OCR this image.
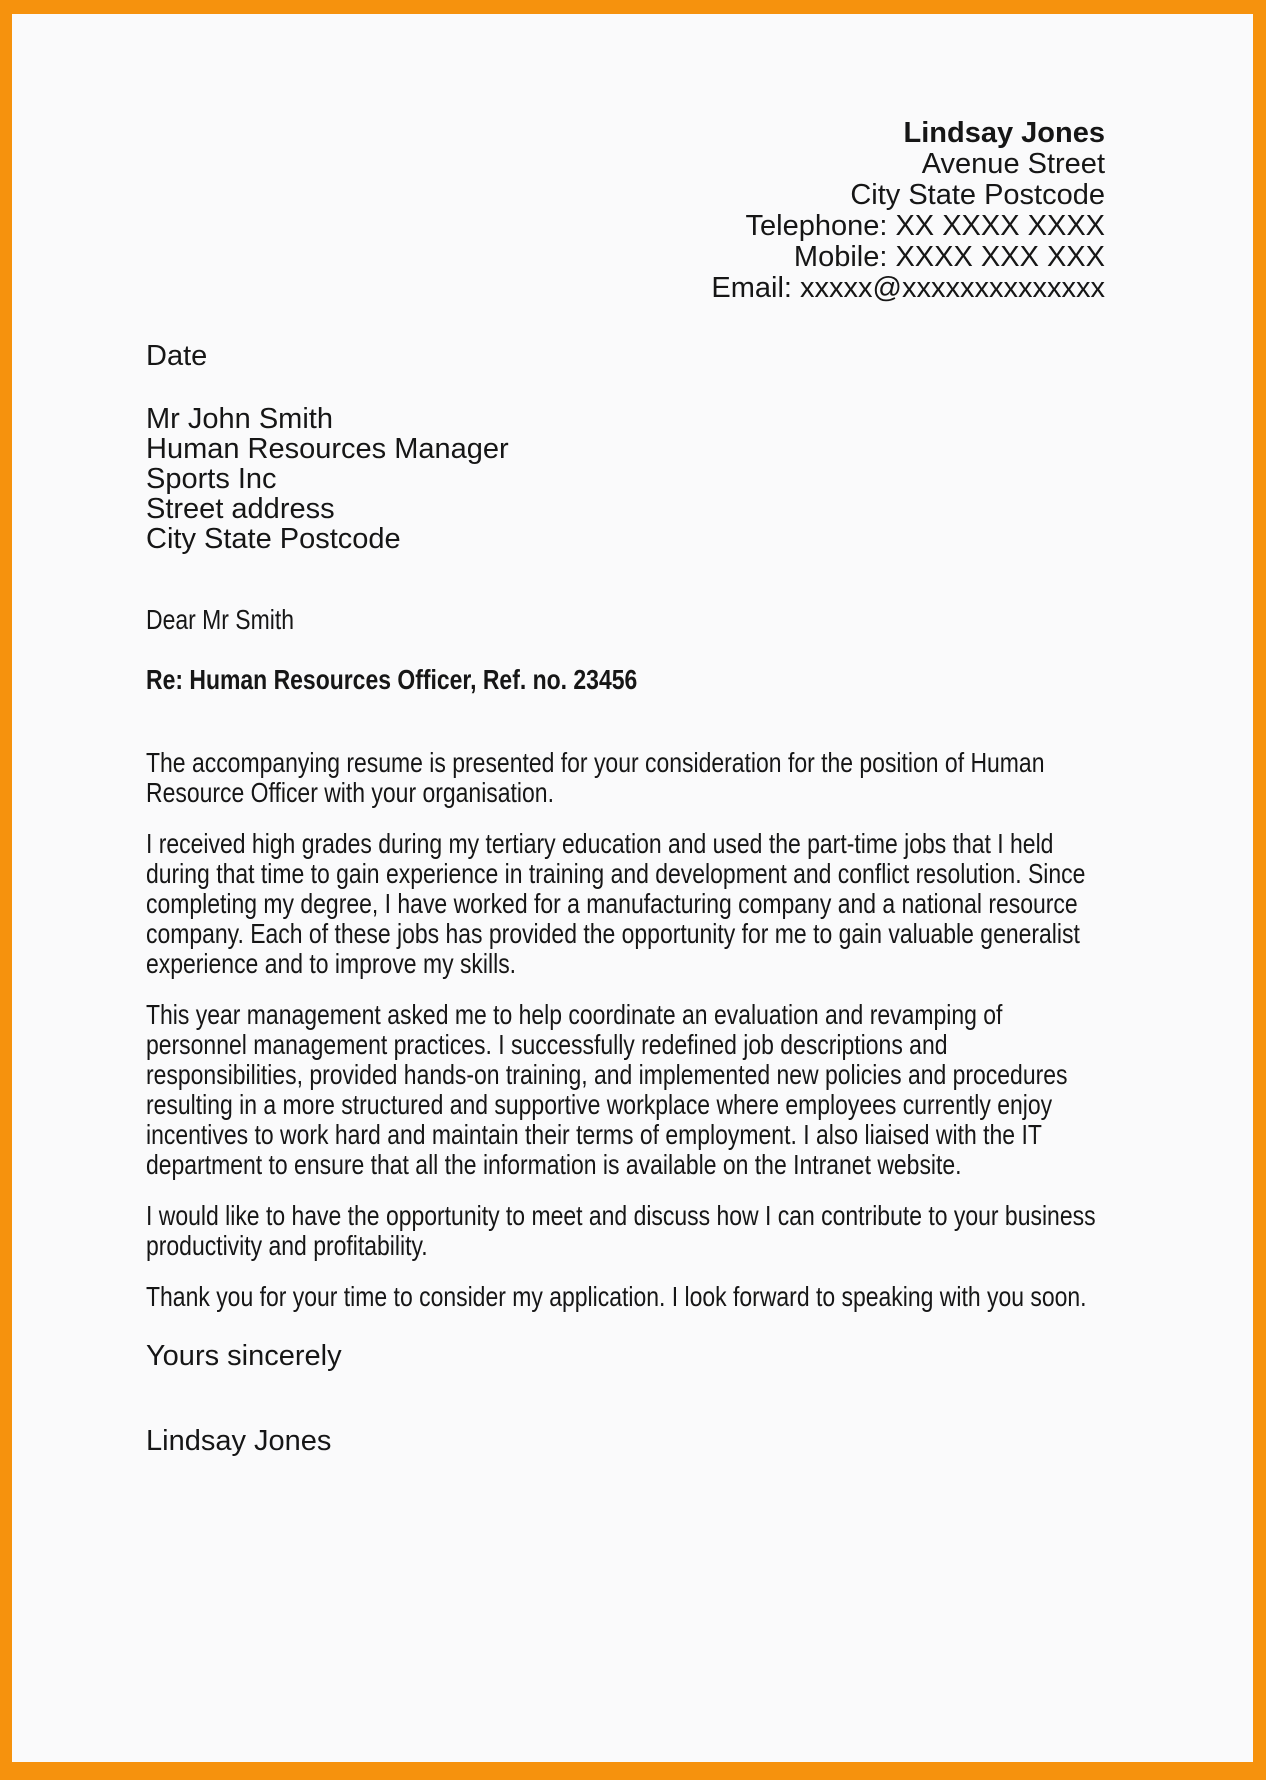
Lindsay Jones
Avenue Street
City State Postcode
Telephone: XX XXXX XXXX
Mobile: XXXX XXX XXX
Email: xxxxx@xxxxxxxxxxxxxx
Date
Mr John Smith
Human Resources Manager
Sports Inc
Street address
City State Postcode
Dear Mr Smith
Re: Human Resources Officer, Ref. no. 23456

The accompanying resume is presented for your consideration for the position of Human Resource Officer with your organisation.

I received high grades during my tertiary education and used the part-time jobs that I held during that time to gain experience in training and development and conflict resolution. Since completing my degree, I have worked for a manufacturing company and a national resource company. Each of these jobs has provided the opportunity for me to gain valuable generalist experience and to improve my skills.

This year management asked me to help coordinate an evaluation and revamping of personnel management practices. I successfully redefined job descriptions and responsibilities, provided hands-on training, and implemented new policies and procedures resulting in a more structured and supportive workplace where employees currently enjoy incentives to work hard and maintain their terms of employment. I also liaised with the IT department to ensure that all the information is available on the Intranet website.

I would like to have the opportunity to meet and discuss how I can contribute to your business productivity and profitability.

Thank you for your time to consider my application. I look forward to speaking with you soon.

Yours sincerely
Lindsay Jones
